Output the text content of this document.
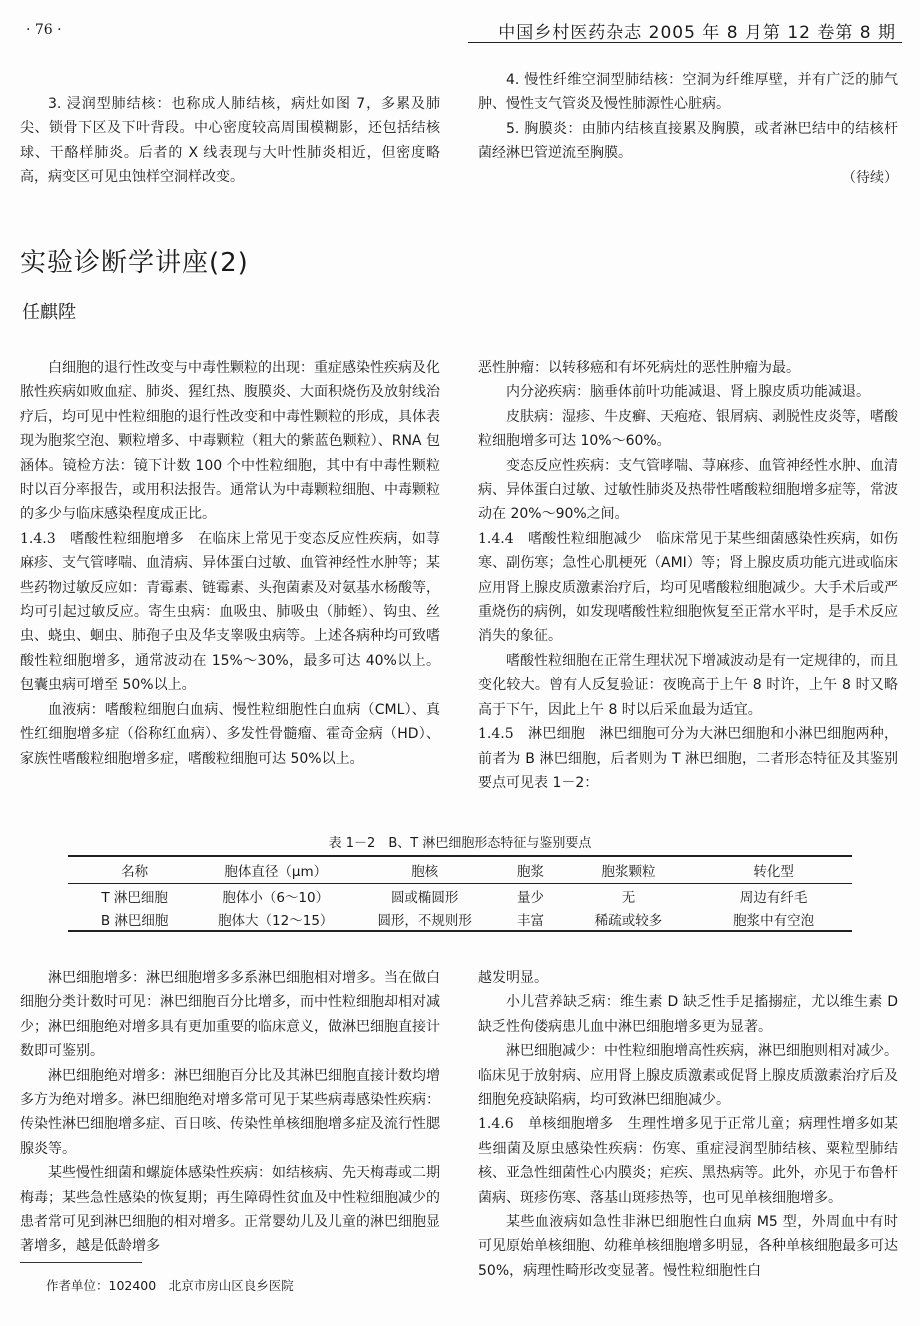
· 76 ·	中国乡村医药杂志 2005 年 8 月第 12 卷第 8 期

3. 浸润型肺结核：也称成人肺结核，病灶如图 7，多累及肺尖、锁骨下区及下叶背段。中心密度较高周围模糊影，还包括结核球、干酪样肺炎。后者的 X 线表现与大叶性肺炎相近，但密度略高，病变区可见虫蚀样空洞样改变。

4. 慢性纤维空洞型肺结核：空洞为纤维厚壁，并有广泛的肺气肿、慢性支气管炎及慢性肺源性心脏病。

5. 胸膜炎：由肺内结核直接累及胸膜，或者淋巴结中的结核杆菌经淋巴管逆流至胸膜。

（待续）

实验诊断学讲座(2)
任麒陞

白细胞的退行性改变与中毒性颗粒的出现：重症感染性疾病及化脓性疾病如败血症、肺炎、猩红热、腹膜炎、大面积烧伤及放射线治疗后，均可见中性粒细胞的退行性改变和中毒性颗粒的形成，具体表现为胞浆空泡、颗粒增多、中毒颗粒（粗大的紫蓝色颗粒）、RNA 包涵体。镜检方法：镜下计数 100 个中性粒细胞，其中有中毒性颗粒时以百分率报告，或用积法报告。通常认为中毒颗粒细胞、中毒颗粒的多少与临床感染程度成正比。

1.4.3　 嗜酸性粒细胞增多　 在临床上常见于变态反应性疾病，如荨麻疹、支气管哮喘、血清病、异体蛋白过敏、血管神经性水肿等；某些药物过敏反应如：青霉素、链霉素、头孢菌素及对氨基水杨酸等，均可引起过敏反应。寄生虫病：血吸虫、肺吸虫（肺蛭）、钩虫、丝虫、蛲虫、蛔虫、肺孢子虫及华支睾吸虫病等。上述各病种均可致嗜酸性粒细胞增多，通常波动在 15%～30%，最多可达 40%以上。包囊虫病可增至 50%以上。

血液病：嗜酸粒细胞白血病、慢性粒细胞性白血病（CML）、真性红细胞增多症（俗称红血病）、多发性骨髓瘤、霍奇金病（HD）、家族性嗜酸粒细胞增多症，嗜酸粒细胞可达 50%以上。

恶性肿瘤：以转移癌和有坏死病灶的恶性肿瘤为最。

内分泌疾病：脑垂体前叶功能减退、肾上腺皮质功能减退。

皮肤病：湿疹、牛皮癣、天疱疮、银屑病、剥脱性皮炎等，嗜酸粒细胞增多可达 10%～60%。

变态反应性疾病：支气管哮喘、荨麻疹、血管神经性水肿、血清病、异体蛋白过敏、过敏性肺炎及热带性嗜酸粒细胞增多症等，常波动在 20%～90%之间。

1.4.4　 嗜酸性粒细胞减少　 临床常见于某些细菌感染性疾病，如伤寒、副伤寒；急性心肌梗死（AMI）等；肾上腺皮质功能亢进或临床应用肾上腺皮质激素治疗后，均可见嗜酸粒细胞减少。大手术后或严重烧伤的病例，如发现嗜酸性粒细胞恢复至正常水平时，是手术反应消失的象征。

嗜酸性粒细胞在正常生理状况下增减波动是有一定规律的，而且变化较大。曾有人反复验证：夜晚高于上午 8 时许，上午 8 时又略高于下午，因此上午 8 时以后采血最为适宜。

1.4.5　 淋巴细胞　 淋巴细胞可分为大淋巴细胞和小淋巴细胞两种，前者为 B 淋巴细胞，后者则为 T 淋巴细胞，二者形态特征及其鉴别要点可见表 1－2：

表 1－2　B、T 淋巴细胞形态特征与鉴别要点
名称	胞体直径（μm）	胞核	胞浆	胞浆颗粒	转化型
T 淋巴细胞	胞体小（6～10）	圆或椭圆形	量少	无	周边有纤毛
B 淋巴细胞	胞体大（12～15）	圆形，不规则形	丰富	稀疏或较多	胞浆中有空泡

淋巴细胞增多：淋巴细胞增多多系淋巴细胞相对增多。当在做白细胞分类计数时可见：淋巴细胞百分比增多，而中性粒细胞却相对减少；淋巴细胞绝对增多具有更加重要的临床意义，做淋巴细胞直接计数即可鉴别。

淋巴细胞绝对增多：淋巴细胞百分比及其淋巴细胞直接计数均增多方为绝对增多。淋巴细胞绝对增多常可见于某些病毒感染性疾病：传染性淋巴细胞增多症、百日咳、传染性单核细胞增多症及流行性腮腺炎等。

某些慢性细菌和螺旋体感染性疾病：如结核病、先天梅毒或二期梅毒；某些急性感染的恢复期；再生障碍性贫血及中性粒细胞减少的患者常可见到淋巴细胞的相对增多。正常婴幼儿及儿童的淋巴细胞显著增多，越是低龄增多

越发明显。

小儿营养缺乏病：维生素 D 缺乏性手足搐搦症，尤以维生素 D 缺乏性佝偻病患儿血中淋巴细胞增多更为显著。

淋巴细胞减少：中性粒细胞增高性疾病，淋巴细胞则相对减少。临床见于放射病、应用肾上腺皮质激素或促肾上腺皮质激素治疗后及细胞免疫缺陷病，均可致淋巴细胞减少。

1.4.6　 单核细胞增多　 生理性增多见于正常儿童；病理性增多如某些细菌及原虫感染性疾病：伤寒、重症浸润型肺结核、粟粒型肺结核、亚急性细菌性心内膜炎；疟疾、黑热病等。此外，亦见于布鲁杆菌病、斑疹伤寒、落基山斑疹热等，也可见单核细胞增多。

某些血液病如急性非淋巴细胞性白血病 M5 型，外周血中有时可见原始单核细胞、幼稚单核细胞增多明显，各种单核细胞最多可达 50%，病理性畸形改变显著。慢性粒细胞性白

作者单位：102400　北京市房山区良乡医院
